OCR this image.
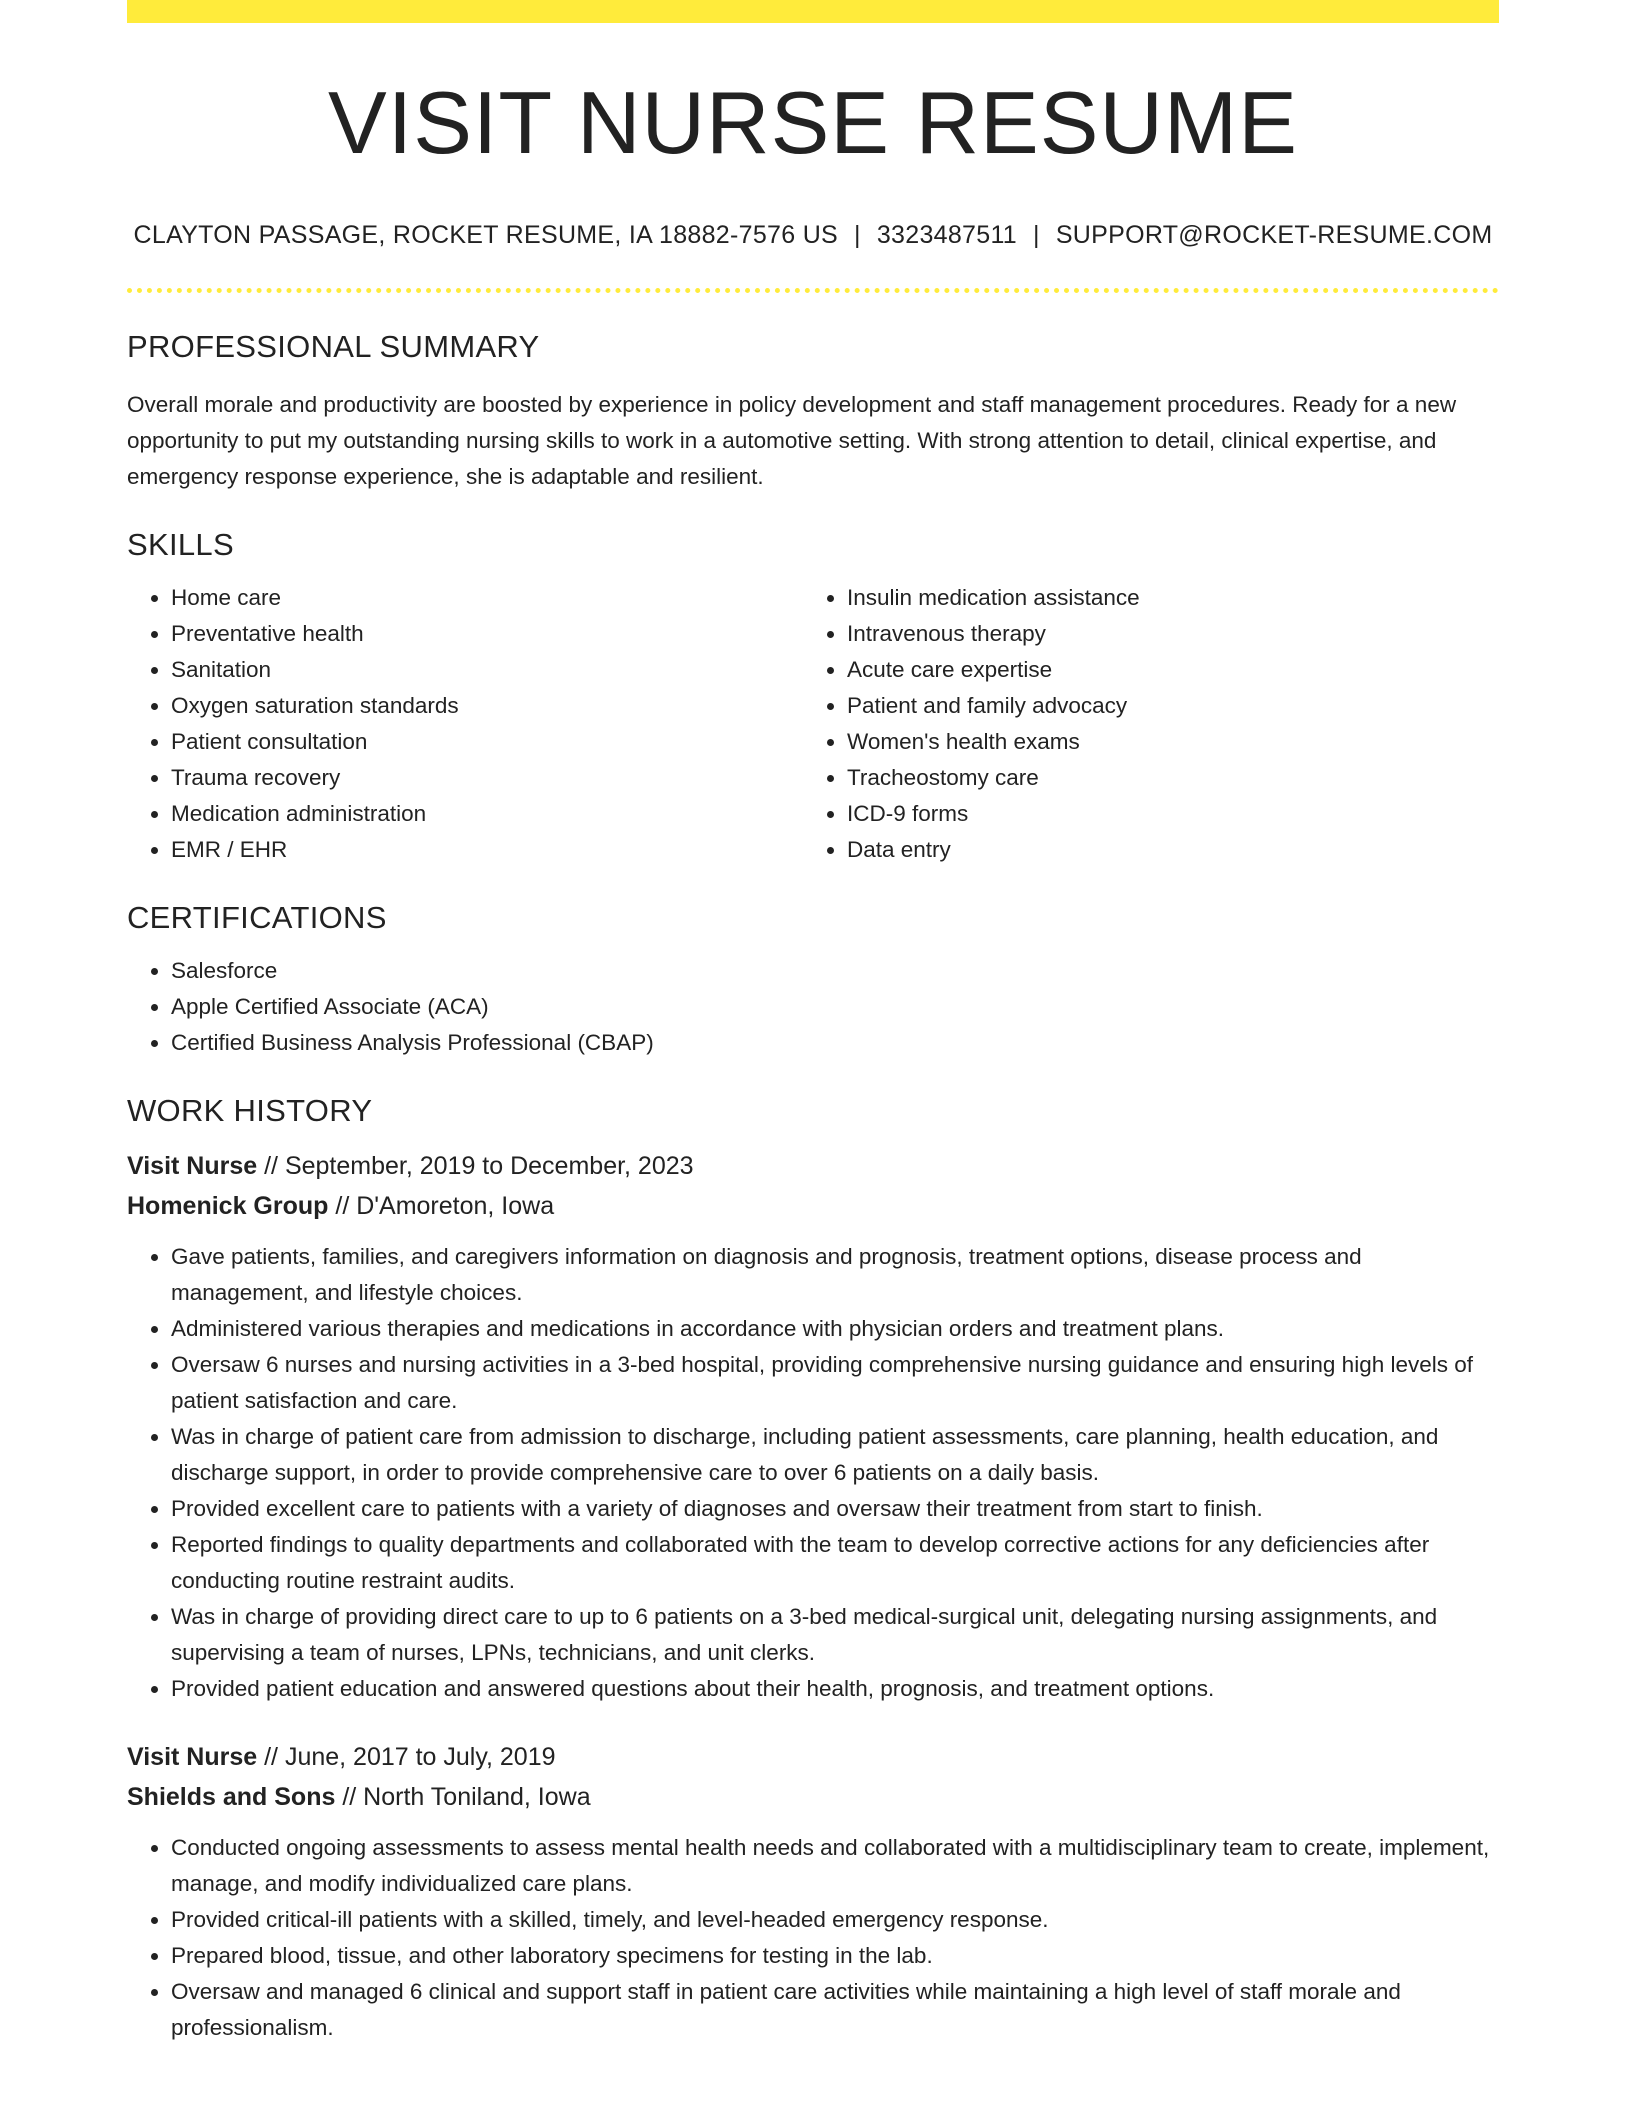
VISIT NURSE RESUME
CLAYTON PASSAGE, ROCKET RESUME, IA 18882-7576 US | 3323487511 | SUPPORT@ROCKET-RESUME.COM
PROFESSIONAL SUMMARY

Overall morale and productivity are boosted by experience in policy development and staff management procedures. Ready for a new opportunity to put my outstanding nursing skills to work in a automotive setting. With strong attention to detail, clinical expertise, and emergency response experience, she is adaptable and resilient.

SKILLS
• Home care
• Preventative health
• Sanitation
• Oxygen saturation standards
• Patient consultation
• Trauma recovery
• Medication administration
• EMR / EHR
• Insulin medication assistance
• Intravenous therapy
• Acute care expertise
• Patient and family advocacy
• Women's health exams
• Tracheostomy care
• ICD-9 forms
• Data entry
CERTIFICATIONS
• Salesforce
• Apple Certified Associate (ACA)
• Certified Business Analysis Professional (CBAP)
WORK HISTORY
Visit Nurse // September, 2019 to December, 2023
Homenick Group // D'Amoreton, Iowa
• Gave patients, families, and caregivers information on diagnosis and prognosis, treatment options, disease process and management, and lifestyle choices.
• Administered various therapies and medications in accordance with physician orders and treatment plans.
• Oversaw 6 nurses and nursing activities in a 3-bed hospital, providing comprehensive nursing guidance and ensuring high levels of patient satisfaction and care.
• Was in charge of patient care from admission to discharge, including patient assessments, care planning, health education, and discharge support, in order to provide comprehensive care to over 6 patients on a daily basis.
• Provided excellent care to patients with a variety of diagnoses and oversaw their treatment from start to finish.
• Reported findings to quality departments and collaborated with the team to develop corrective actions for any deficiencies after conducting routine restraint audits.
• Was in charge of providing direct care to up to 6 patients on a 3-bed medical-surgical unit, delegating nursing assignments, and supervising a team of nurses, LPNs, technicians, and unit clerks.
• Provided patient education and answered questions about their health, prognosis, and treatment options.
Visit Nurse // June, 2017 to July, 2019
Shields and Sons // North Toniland, Iowa
• Conducted ongoing assessments to assess mental health needs and collaborated with a multidisciplinary team to create, implement, manage, and modify individualized care plans.
• Provided critical-ill patients with a skilled, timely, and level-headed emergency response.
• Prepared blood, tissue, and other laboratory specimens for testing in the lab.
• Oversaw and managed 6 clinical and support staff in patient care activities while maintaining a high level of staff morale and professionalism.
